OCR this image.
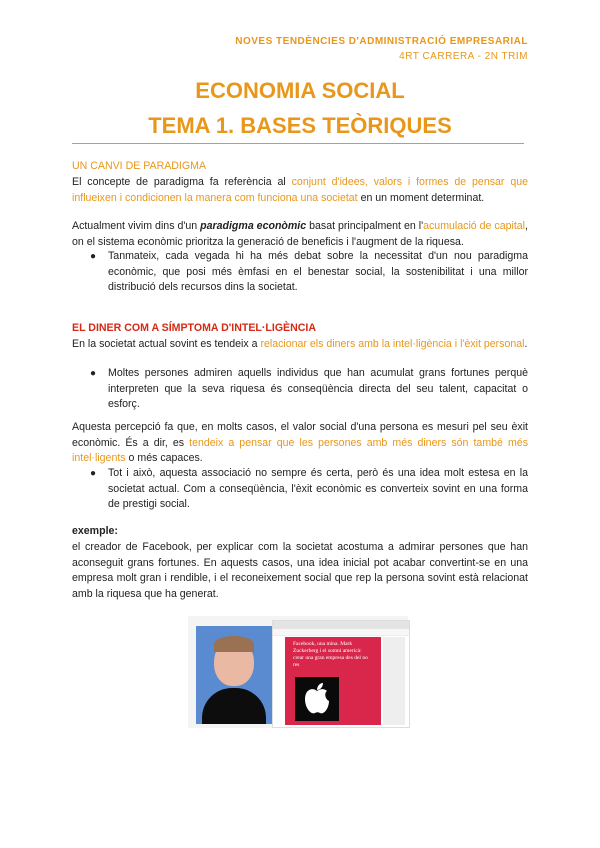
NOVES TENDÈNCIES D'ADMINISTRACIÓ EMPRESARIAL
4RT CARRERA - 2N TRIM
ECONOMIA SOCIAL
TEMA 1. BASES TEÒRIQUES
UN CANVI DE PARADIGMA
El concepte de paradigma fa referència al conjunt d'idees, valors i formes de pensar que influeixen i condicionen la manera com funciona una societat en un moment determinat.
Actualment vivim dins d'un paradigma econòmic basat principalment en l'acumulació de capital, on el sistema econòmic prioritza la generació de beneficis i l'augment de la riquesa.
● Tanmateix, cada vegada hi ha més debat sobre la necessitat d'un nou paradigma econòmic, que posi més èmfasi en el benestar social, la sostenibilitat i una millor distribució dels recursos dins la societat.
EL DINER COM A SÍMPTOMA D'INTEL·LIGÈNCIA
En la societat actual sovint es tendeix a relacionar els diners amb la intel·ligència i l'èxit personal.
● Moltes persones admiren aquells individus que han acumulat grans fortunes perquè interpreten que la seva riquesa és conseqüència directa del seu talent, capacitat o esforç.
Aquesta percepció fa que, en molts casos, el valor social d'una persona es mesuri pel seu èxit econòmic. És a dir, es tendeix a pensar que les persones amb més diners són també més intel·ligents o més capaces.
● Tot i això, aquesta associació no sempre és certa, però és una idea molt estesa en la societat actual. Com a conseqüència, l'èxit econòmic es converteix sovint en una forma de prestigi social.
exemple:
el creador de Facebook, per explicar com la societat acostuma a admirar persones que han aconseguit grans fortunes. En aquests casos, una idea inicial pot acabar convertint-se en una empresa molt gran i rendible, i el reconeixement social que rep la persona sovint està relacionat amb la riquesa que ha generat.
Facebook, una mina. Mark Zuckerberg i el somni americà: crear una gran empresa des del no res
